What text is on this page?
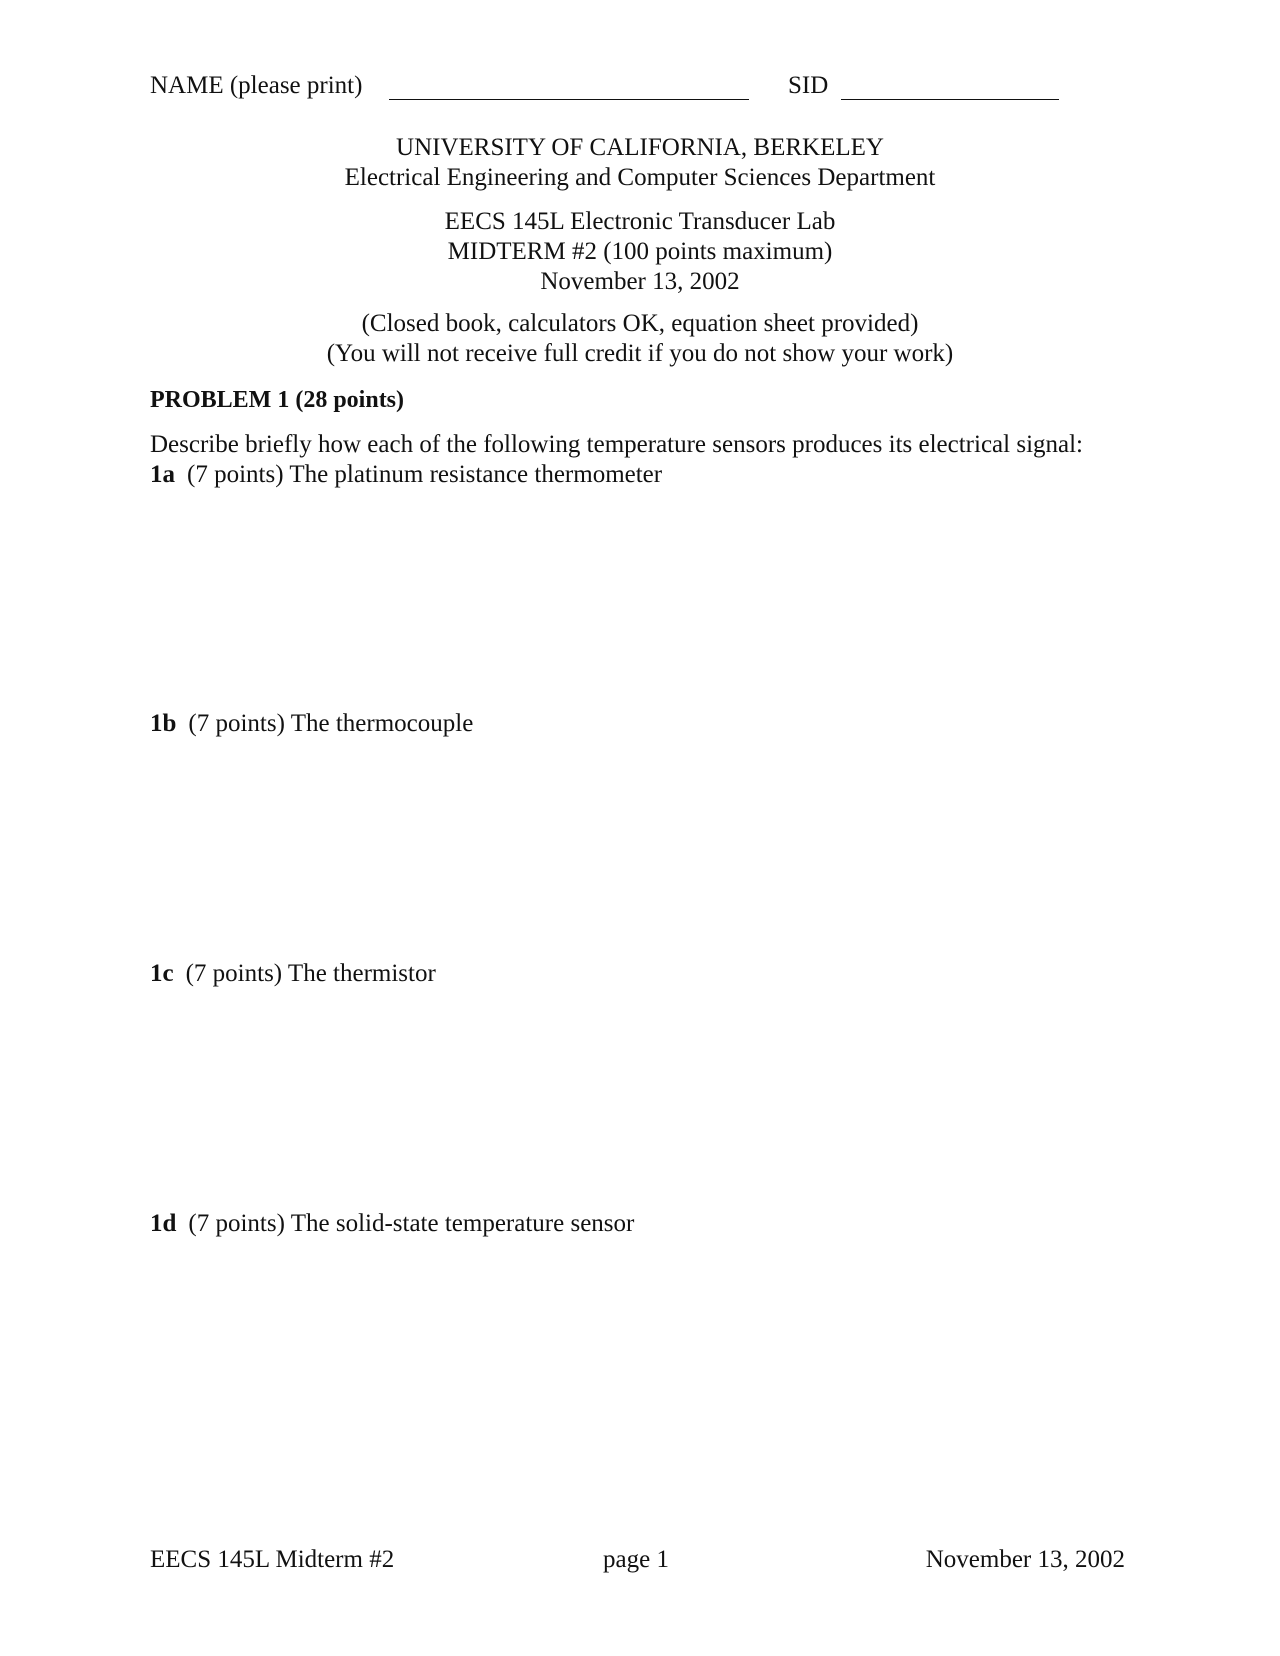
NAME (please print)	SID
UNIVERSITY OF CALIFORNIA, BERKELEY
Electrical Engineering and Computer Sciences Department
EECS 145L Electronic Transducer Lab
MIDTERM #2 (100 points maximum)
November 13, 2002
(Closed book, calculators OK, equation sheet provided)
(You will not receive full credit if you do not show your work)
PROBLEM 1 (28 points)
Describe briefly how each of the following temperature sensors produces its electrical signal:
1a (7 points) The platinum resistance thermometer
1b (7 points) The thermocouple
1c (7 points) The thermistor
1d (7 points) The solid-state temperature sensor
EECS 145L Midterm #2	page 1	November 13, 2002
